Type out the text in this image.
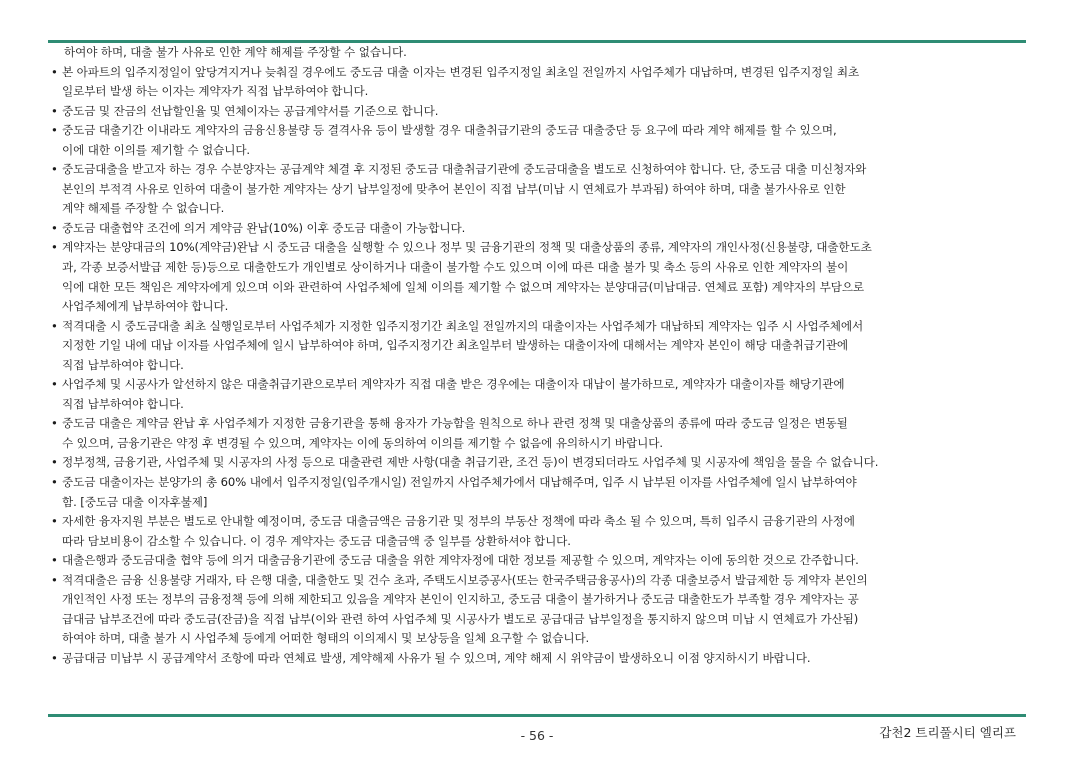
하여야 하며, 대출 불가 사유로 인한 계약 해제를 주장할 수 없습니다.
• 본 아파트의 입주지정일이 앞당겨지거나 늦춰질 경우에도 중도금 대출 이자는 변경된 입주지정일 최초일 전일까지 사업주체가 대납하며, 변경된 입주지정일 최초
일로부터 발생 하는 이자는 계약자가 직접 납부하여야 합니다.
• 중도금 및 잔금의 선납할인율 및 연체이자는 공급계약서를 기준으로 합니다.
• 중도금 대출기간 이내라도 계약자의 금융신용불량 등 결격사유 등이 발생할 경우 대출취급기관의 중도금 대출중단 등 요구에 따라 계약 해제를 할 수 있으며,
이에 대한 이의를 제기할 수 없습니다.
• 중도금대출을 받고자 하는 경우 수분양자는 공급계약 체결 후 지정된 중도금 대출취급기관에 중도금대출을 별도로 신청하여야 합니다. 단, 중도금 대출 미신청자와
본인의 부적격 사유로 인하여 대출이 불가한 계약자는 상기 납부일정에 맞추어 본인이 직접 납부(미납 시 연체료가 부과됨) 하여야 하며, 대출 불가사유로 인한
계약 해제를 주장할 수 없습니다.
• 중도금 대출협약 조건에 의거 계약금 완납(10%) 이후 중도금 대출이 가능합니다.
• 계약자는 분양대금의 10%(계약금)완납 시 중도금 대출을 실행할 수 있으나 정부 및 금융기관의 정책 및 대출상품의 종류, 계약자의 개인사정(신용불량, 대출한도초
과, 각종 보증서발급 제한 등)등으로 대출한도가 개인별로 상이하거나 대출이 불가할 수도 있으며 이에 따른 대출 불가 및 축소 등의 사유로 인한 계약자의 불이
익에 대한 모든 책임은 계약자에게 있으며 이와 관련하여 사업주체에 일체 이의를 제기할 수 없으며 계약자는 분양대금(미납대금. 연체료 포함) 계약자의 부담으로
사업주체에게 납부하여야 합니다.
• 적격대출 시 중도금대출 최초 실행일로부터 사업주체가 지정한 입주지정기간 최초일 전일까지의 대출이자는 사업주체가 대납하되 계약자는 입주 시 사업주체에서
지정한 기일 내에 대납 이자를 사업주체에 일시 납부하여야 하며, 입주지정기간 최초일부터 발생하는 대출이자에 대해서는 계약자 본인이 해당 대출취급기관에
직접 납부하여야 합니다.
• 사업주체 및 시공사가 알선하지 않은 대출취급기관으로부터 계약자가 직접 대출 받은 경우에는 대출이자 대납이 불가하므로, 계약자가 대출이자를 해당기관에
직접 납부하여야 합니다.
• 중도금 대출은 계약금 완납 후 사업주체가 지정한 금융기관을 통해 융자가 가능함을 원칙으로 하나 관련 정책 및 대출상품의 종류에 따라 중도금 일정은 변동될
수 있으며, 금융기관은 약정 후 변경될 수 있으며, 계약자는 이에 동의하여 이의를 제기할 수 없음에 유의하시기 바랍니다.
• 정부정책, 금융기관, 사업주체 및 시공자의 사정 등으로 대출관련 제반 사항(대출 취급기관, 조건 등)이 변경되더라도 사업주체 및 시공자에 책임을 물을 수 없습니다.
• 중도금 대출이자는 분양가의 총 60% 내에서 입주지정일(입주개시일) 전일까지 사업주체가에서 대납해주며, 입주 시 납부된 이자를 사업주체에 일시 납부하여야
함. [중도금 대출 이자후불제]
• 자세한 융자지원 부분은 별도로 안내할 예정이며, 중도금 대출금액은 금융기관 및 정부의 부동산 정책에 따라 축소 될 수 있으며, 특히 입주시 금융기관의 사정에
따라 담보비용이 감소할 수 있습니다. 이 경우 계약자는 중도금 대출금액 중 일부를 상환하셔야 합니다.
• 대출은행과 중도금대출 협약 등에 의거 대출금융기관에 중도금 대출을 위한 계약자정에 대한 정보를 제공할 수 있으며, 계약자는 이에 동의한 것으로 간주합니다.
• 적격대출은 금융 신용불량 거래자, 타 은행 대출, 대출한도 및 건수 초과, 주택도시보증공사(또는 한국주택금융공사)의 각종 대출보증서 발급제한 등 계약자 본인의
개인적인 사정 또는 정부의 금융정책 등에 의해 제한되고 있음을 계약자 본인이 인지하고, 중도금 대출이 불가하거나 중도금 대출한도가 부족할 경우 계약자는 공
급대금 납부조건에 따라 중도금(잔금)을 직접 납부(이와 관련 하여 사업주체 및 시공사가 별도로 공급대금 납부일정을 통지하지 않으며 미납 시 연체료가 가산됨)
하여야 하며, 대출 불가 시 사업주체 등에게 어떠한 형태의 이의제시 및 보상등을 일체 요구할 수 없습니다.
• 공급대금 미납부 시 공급계약서 조항에 따라 연체료 발생, 계약해제 사유가 될 수 있으며, 계약 해제 시 위약금이 발생하오니 이점 양지하시기 바랍니다.
- 56 -	갑천2 트리풀시티 엘리프
